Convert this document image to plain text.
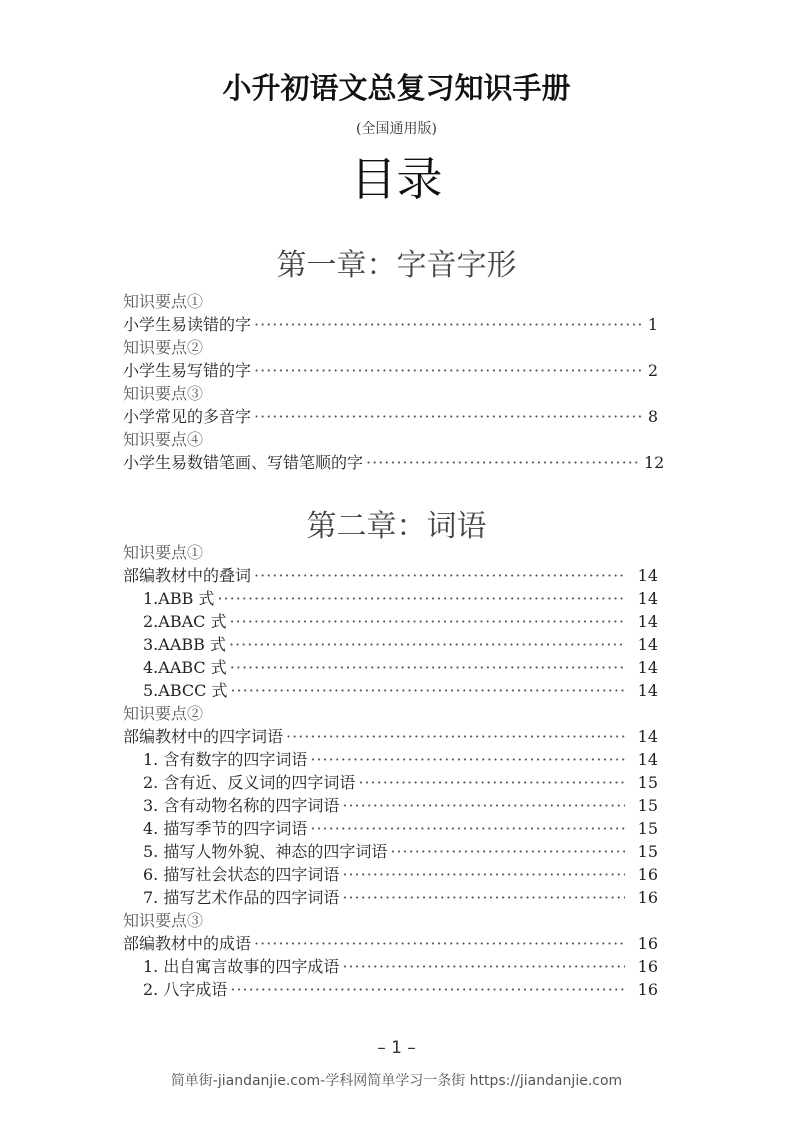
小升初语文总复习知识手册
(全国通用版)
目录
第一章：字音字形
知识要点①
小学生易读错的字 ·····	1
知识要点②
小学生易写错的字 ·····	2
知识要点③
小学常见的多音字 ·····	8
知识要点④
小学生易数错笔画、写错笔顺的字 ·····	12
第二章：词语
知识要点①
部编教材中的叠词 ·····	14
1.ABB 式 ·····	14
2.ABAC 式 ·····	14
3.AABB 式 ·····	14
4.AABC 式 ·····	14
5.ABCC 式 ·····	14
知识要点②
部编教材中的四字词语 ·····	14
1. 含有数字的四字词语 ·····	14
2. 含有近、反义词的四字词语 ·····	15
3. 含有动物名称的四字词语 ·····	15
4. 描写季节的四字词语 ·····	15
5. 描写人物外貌、神态的四字词语 ·····	15
6. 描写社会状态的四字词语 ·····	16
7. 描写艺术作品的四字词语 ·····	16
知识要点③
部编教材中的成语 ·····	16
1. 出自寓言故事的四字成语 ·····	16
2. 八字成语 ·····	16
– 1 –
简单街-jiandanjie.com-学科网简单学习一条街 https://jiandanjie.com
